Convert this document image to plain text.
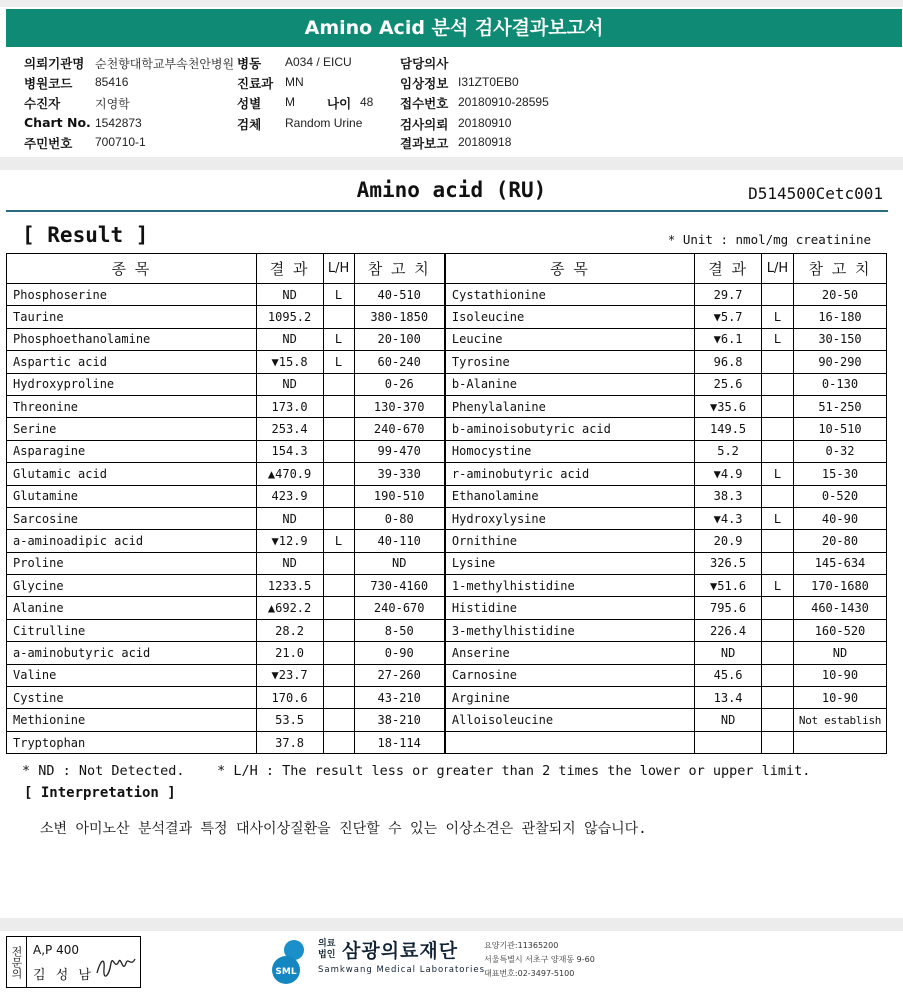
Amino Acid 분석 검사결과보고서
의뢰기관명 순천향대학교부속천안병원 병동 A034 / EICU	담당의사
병원코드 85416	진료과 MN	임상정보 I31ZT0EB0
수진자	지영학	성별 M	나이 48 접수번호 20180910-28595
Chart No. 1542873	검체 Random Urine	검사의뢰 20180910
주민번호 700710-1	결과보고 20180918
Amino acid (RU)	D514500Cetc001
[ Result ]	* Unit : nmol/mg creatinine
종 목	결 과	L/H	참 고 치	종 목	결 과	L/H	참 고 치
Phosphoserine	ND	L	40-510	Cystathionine	29.7		20-50
Taurine	1095.2		380-1850	Isoleucine	▼5.7	L	16-180
Phosphoethanolamine	ND	L	20-100	Leucine	▼6.1	L	30-150
Aspartic acid	▼15.8	L	60-240	Tyrosine	96.8		90-290
Hydroxyproline	ND		0-26	b-Alanine	25.6		0-130
Threonine	173.0		130-370	Phenylalanine	▼35.6		51-250
Serine	253.4		240-670	b-aminoisobutyric acid	149.5		10-510
Asparagine	154.3		99-470	Homocystine	5.2		0-32
Glutamic acid	▲470.9		39-330	r-aminobutyric acid	▼4.9	L	15-30
Glutamine	423.9		190-510	Ethanolamine	38.3		0-520
Sarcosine	ND		0-80	Hydroxylysine	▼4.3	L	40-90
a-aminoadipic acid	▼12.9	L	40-110	Ornithine	20.9		20-80
Proline	ND		ND	Lysine	326.5		145-634
Glycine	1233.5		730-4160	1-methylhistidine	▼51.6	L	170-1680
Alanine	▲692.2		240-670	Histidine	795.6		460-1430
Citrulline	28.2		8-50	3-methylhistidine	226.4		160-520
a-aminobutyric acid	21.0		0-90	Anserine	ND		ND
Valine	▼23.7		27-260	Carnosine	45.6		10-90
Cystine	170.6		43-210	Arginine	13.4		10-90
Methionine	53.5		38-210	Alloisoleucine	ND		Not establish
Tryptophan	37.8		18-114				
* ND : Not Detected.    * L/H : The result less or greater than 2 times the lower or upper limit.
[ Interpretation ]
소변 아미노산 분석결과 특정 대사이상질환을 진단할 수 있는 이상소견은 관찰되지 않습니다.
전문의 A,P 400
김 성 남	SML
의료
법인 삼광의료재단
Samkwang Medical Laboratories
요양기관:11365200
서울특별시 서초구 양재동 9-60
대표번호:02-3497-5100
